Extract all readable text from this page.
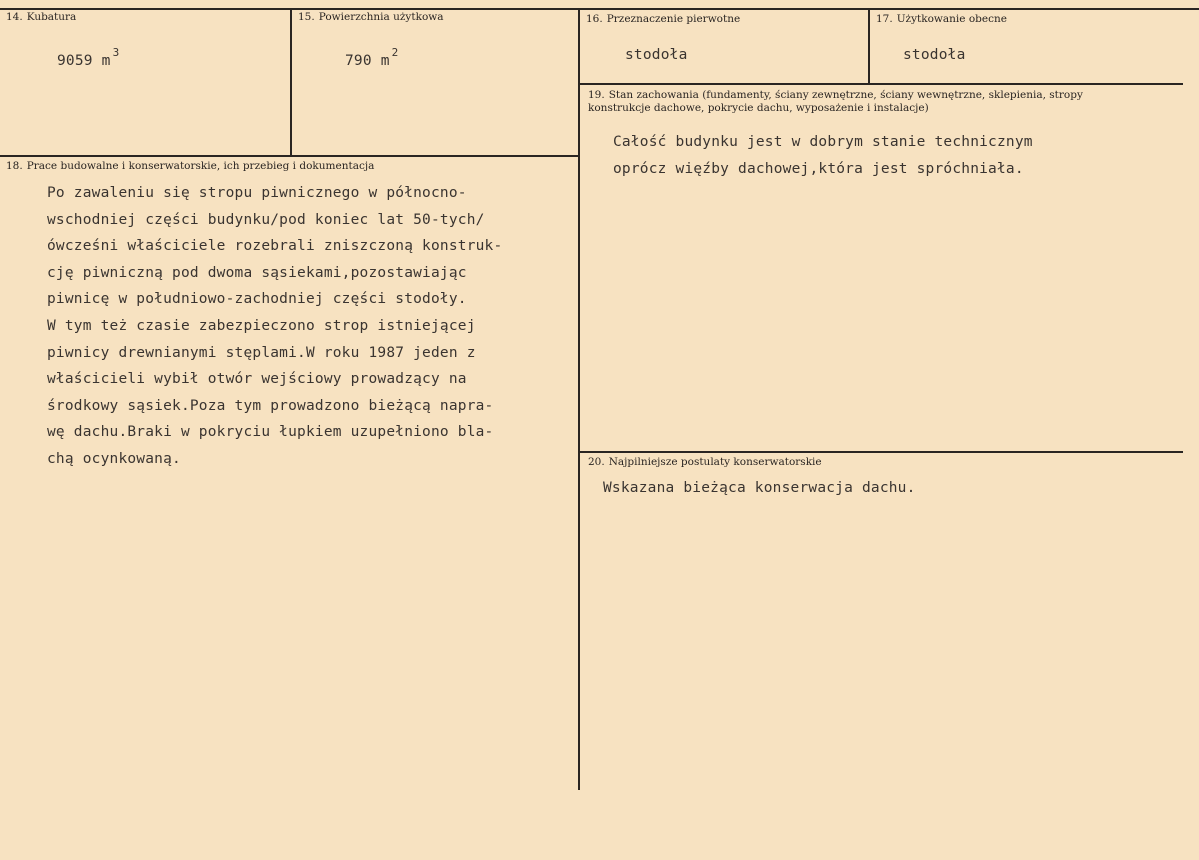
14. Kubatura
9059 $m^3$
15. Powierzchnia użytkowa
790 $m^2$
16. Przeznaczenie pierwotne
stodoła
17. Użytkowanie obecne
stodoła
19. Stan zachowania (fundamenty, ściany zewnętrzne, ściany wewnętrzne, sklepienia, stropy
konstrukcje dachowe, pokrycie dachu, wyposażenie i instalacje)
Całość budynku jest w dobrym stanie technicznym
oprócz więźby dachowej,która jest spróchniała.
18. Prace budowalne i konserwatorskie, ich przebieg i dokumentacja
Po zawaleniu się stropu piwnicznego w północno-
wschodniej części budynku/pod koniec lat 50-tych/
ówcześni właściciele rozebrali zniszczoną konstruk-
cję piwniczną pod dwoma sąsiekami,pozostawiając
piwnicę w południowo-zachodniej części stodoły.
W tym też czasie zabezpieczono strop istniejącej
piwnicy drewnianymi stęplami.W roku 1987 jeden z
właścicieli wybił otwór wejściowy prowadzący na
środkowy sąsiek.Poza tym prowadzono bieżącą napra-
wę dachu.Braki w pokryciu łupkiem uzupełniono bla-
chą ocynkowaną.	20. Najpilniejsze postulaty konserwatorskie
Wskazana bieżąca konserwacja dachu.
